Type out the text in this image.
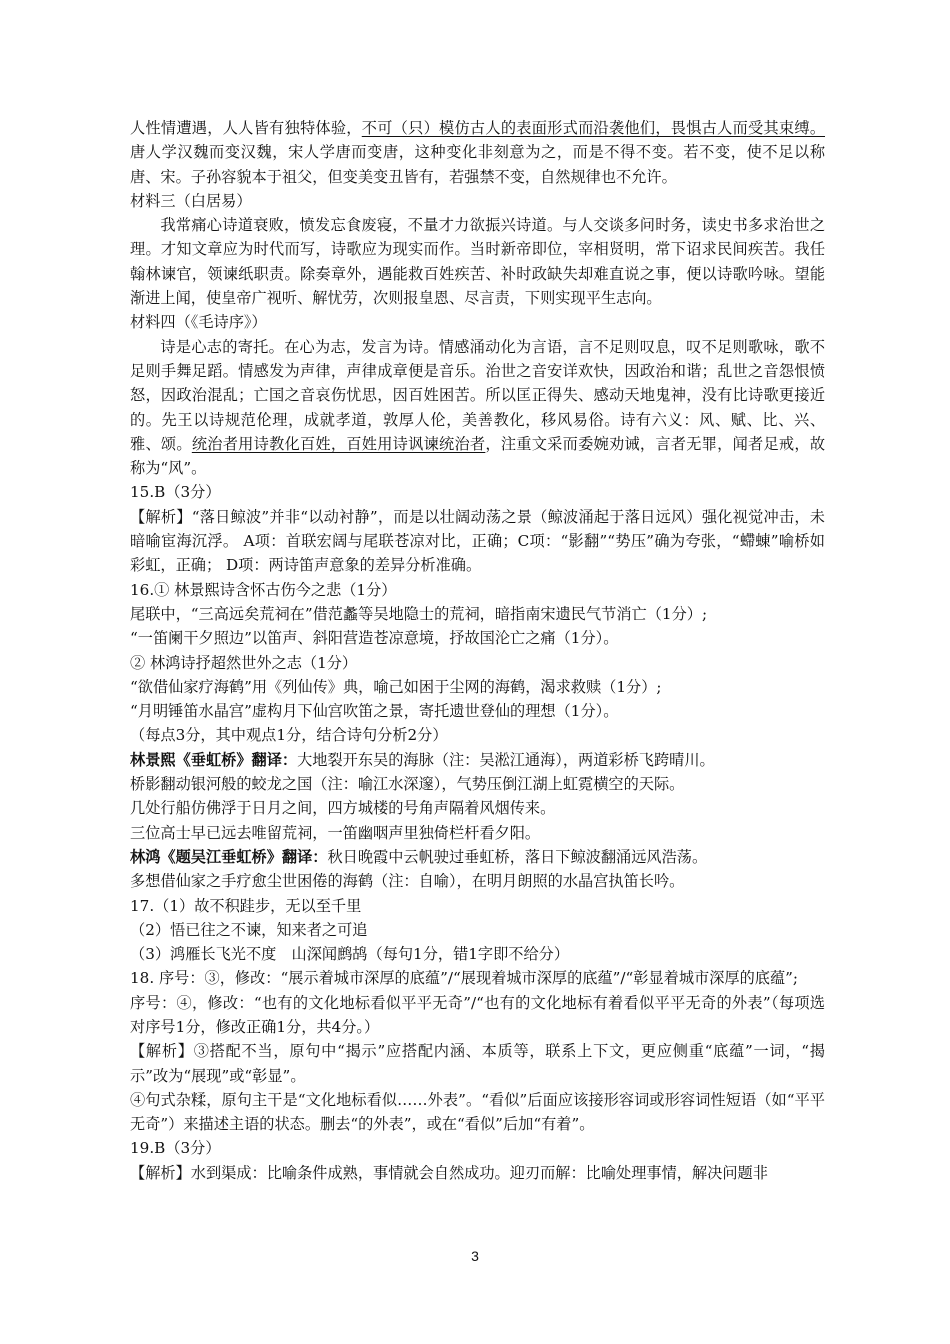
人性情遭遇，人人皆有独特体验，不可（只）模仿古人的表面形式而沿袭他们，畏惧古人而受其束缚。唐人学汉魏而变汉魏，宋人学唐而变唐，这种变化非刻意为之，而是不得不变。若不变，使不足以称唐、宋。子孙容貌本于祖父，但变美变丑皆有，若强禁不变，自然规律也不允许。

材料三（白居易）

我常痛心诗道衰败，愤发忘食废寝，不量才力欲振兴诗道。与人交谈多问时务，读史书多求治世之理。才知文章应为时代而写，诗歌应为现实而作。当时新帝即位，宰相贤明，常下诏求民间疾苦。我任翰林谏官，领谏纸职责。除奏章外，遇能救百姓疾苦、补时政缺失却难直说之事，便以诗歌吟咏。望能渐进上闻，使皇帝广视听、解忧劳，次则报皇恩、尽言责，下则实现平生志向。

材料四（《毛诗序》）

诗是心志的寄托。在心为志，发言为诗。情感涌动化为言语，言不足则叹息，叹不足则歌咏，歌不足则手舞足蹈。情感发为声律，声律成章便是音乐。治世之音安详欢快，因政治和谐；乱世之音怨恨愤怒，因政治混乱；亡国之音哀伤忧思，因百姓困苦。所以匡正得失、感动天地鬼神，没有比诗歌更接近的。先王以诗规范伦理，成就孝道，敦厚人伦，美善教化，移风易俗。诗有六义：风、赋、比、兴、雅、颂。统治者用诗教化百姓，百姓用诗讽谏统治者，注重文采而委婉劝诫，言者无罪，闻者足戒，故称为“风”。

15.B（3分）

【解析】“落日鲸波”并非“以动衬静”，而是以壮阔动荡之景（鲸波涌起于落日远风）强化视觉冲击，未暗喻宦海沉浮。 A项：首联宏阔与尾联苍凉对比，正确；C项：“影翻”“势压”确为夸张，“螮蝀”喻桥如彩虹，正确； D项：两诗笛声意象的差异分析准确。

16.① 林景熙诗含怀古伤今之悲（1分）

尾联中，“三高远矣荒祠在”借范蠡等吴地隐士的荒祠，暗指南宋遗民气节消亡（1分）;

“一笛阑干夕照边”以笛声、斜阳营造苍凉意境，抒故国沦亡之痛（1分）。

② 林鸿诗抒超然世外之志（1分）

“欲借仙家疗海鹤”用《列仙传》典，喻己如困于尘网的海鹤，渴求救赎（1分）;

“月明锤笛水晶宫”虚构月下仙宫吹笛之景，寄托遗世登仙的理想（1分）。

（每点3分，其中观点1分，结合诗句分析2分）

林景熙《垂虹桥》翻译：大地裂开东吴的海脉（注：吴淞江通海），两道彩桥飞跨晴川。

桥影翻动银河般的蛟龙之国（注：喻江水深邃），气势压倒江湖上虹霓横空的天际。

几处行船仿佛浮于日月之间，四方城楼的号角声隔着风烟传来。

三位高士早已远去唯留荒祠，一笛幽咽声里独倚栏杆看夕阳。

林鸿《题吴江垂虹桥》翻译：秋日晚霞中云帆驶过垂虹桥，落日下鲸波翻涌远风浩荡。

多想借仙家之手疗愈尘世困倦的海鹤（注：自喻），在明月朗照的水晶宫执笛长吟。

17.（1）故不积跬步，无以至千里

（2）悟已往之不谏，知来者之可追

（3）鸿雁长飞光不度　山深闻鹧鸪（每句1分，错1字即不给分）

18. 序号：③，修改：“展示着城市深厚的底蕴”/“展现着城市深厚的底蕴”/“彰显着城市深厚的底蕴”;

序号：④，修改：“也有的文化地标看似平平无奇”/“也有的文化地标有着看似平平无奇的外表”（每项选对序号1分，修改正确1分，共4分。）

【解析】③搭配不当，原句中“揭示”应搭配内涵、本质等，联系上下文，更应侧重“底蕴”一词，“揭示”改为“展现”或“彰显”。

④句式杂糅，原句主干是“文化地标看似……外表”。“看似”后面应该接形容词或形容词性短语（如“平平无奇”）来描述主语的状态。删去“的外表”，或在“看似”后加“有着”。

19.B（3分）

【解析】水到渠成：比喻条件成熟，事情就会自然成功。迎刃而解：比喻处理事情，解决问题非

3
